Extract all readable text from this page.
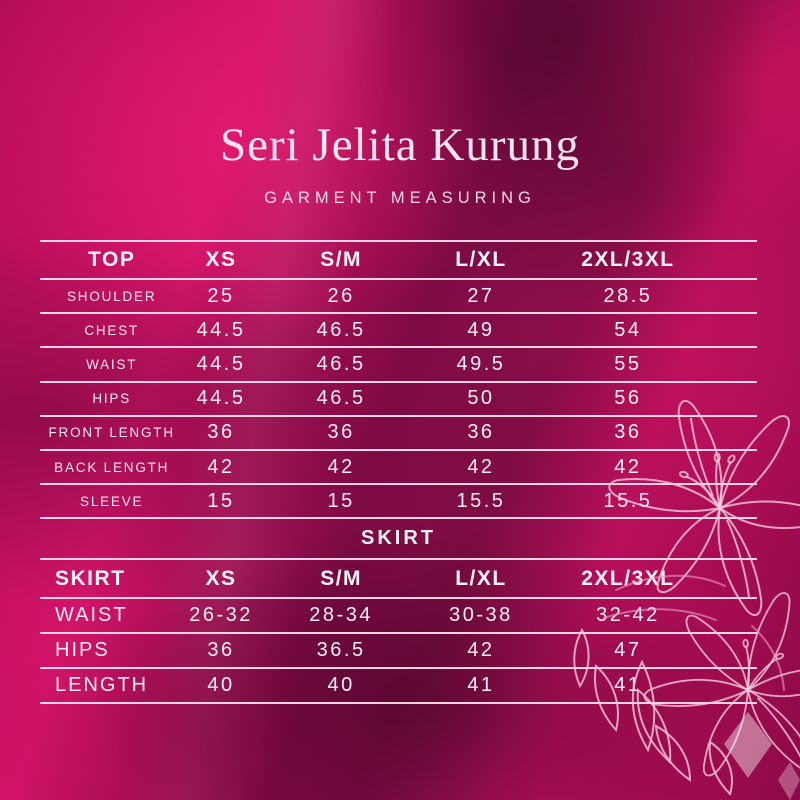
Seri Jelita Kurung
GARMENT MEASURING
TOP	XS	S/M	L/XL	2XL/3XL
SHOULDER	25	26	27	28.5
CHEST	44.5	46.5	49	54
WAIST	44.5	46.5	49.5	55
HIPS	44.5	46.5	50	56
FRONT LENGTH	36	36	36	36
BACK LENGTH	42	42	42	42
SLEEVE	15	15	15.5	15.5
SKIRT
SKIRT	XS	S/M	L/XL	2XL/3XL
WAIST	26-32	28-34	30-38	32-42
HIPS	36	36.5	42	47
LENGTH	40	40	41	41
